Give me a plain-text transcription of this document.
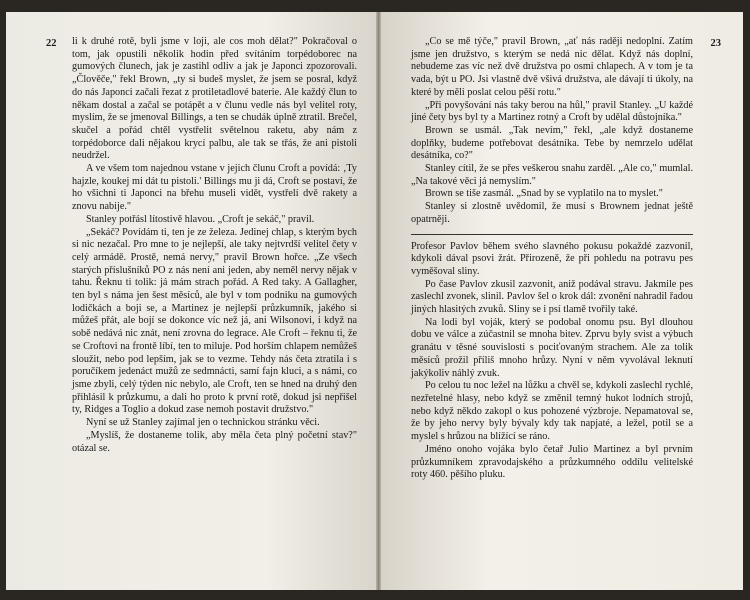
22 li k druhé rotě, byli jsme v loji, ale cos moh dělat?" Pokračoval o tom, jak opustili několik hodin před svítáním torpédoborec na gumových člunech, jak je zastihl odliv a jak je Japonci zpozorovali. „Člověče," řekl Brown, „ty si budeš myslet, že jsem se posral, když do nás Japonci začali řezat z protiletadlové baterie. Ale každý člun to někam dostal a začal se potápět a v člunu vedle nás byl velitel roty, myslím, že se jmenoval Billings, a ten se chudák úplně ztratil. Brečel, skučel a pořád chtěl vystřelit světelnou raketu, aby nám z torpédoborce dali nějakou krycí palbu, ale tak se třás, že ani pistoli neudržel.

A ve všem tom najednou vstane v jejich člunu Croft a povídá: ‚Ty hajzle, koukej mi dát tu pistoli.' Billings mu ji dá, Croft se postaví, že ho všichni ti Japonci na břehu museli vidět, vystřelí dvě rakety a znovu nabije."

Stanley potřásl lítostivě hlavou. „Croft je sekáč," pravil.

„Sekáč? Povídám ti, ten je ze železa. Jedinej chlap, s kterým bych si nic nezačal. Pro mne to je nejlepší, ale taky nejtvrdší velitel čety v celý armádě. Prostě, nemá nervy," pravil Brown hořce. „Ze všech starých příslušníků PO z nás není ani jeden, aby neměl nervy nějak v tahu. Řeknu ti tolik: já mám strach pořád. A Red taky. A Gallagher, ten byl s náma jen šest měsíců, ale byl v tom podniku na gumových lodičkách a boji se, a Martinez je nejlepší průzkumník, jakého si můžeš přát, ale bojí se dokonce víc než já, ani Wilsonovi, i když na sobě nedává nic znát, není zrovna do legrace. Ale Croft – řeknu ti, že se Croftovi na frontě líbí, ten to miluje. Pod horším chlapem nemůžeš sloužit, nebo pod lepším, jak se to vezme. Tehdy nás četa ztratila i s poručíkem jedenáct mužů ze sedmnácti, samí fajn kluci, a s námi, co jsme zbyli, celý týden nic nebylo, ale Croft, ten se hned na druhý den přihlásil k průzkumu, a dali ho proto k první rotě, dokud jsi nepřišel ty, Ridges a Toglio a dokud zase nemoh postavit družstvo."

Nyní se už Stanley zajímal jen o technickou stránku věci.

„Myslíš, že dostaneme tolik, aby měla četa plný početní stav?" otázal se.

23

„Co se mě týče," pravil Brown, „ať nás raději nedoplní. Zatím jsme jen družstvo, s kterým se nedá nic dělat. Když nás doplní, nebudeme zas víc než dvě družstva po osmi chlapech. A v tom je ta vada, být u PO. Jsi vlastně dvě všivá družstva, ale dávají ti úkoly, na které by měli poslat celou pěší rotu."

„Při povyšování nás taky berou na hůl," pravil Stanley. „U každé jiné čety bys byl ty a Martinez rotný a Croft by udělal důstojníka."

Brown se usmál. „Tak nevím," řekl, „ale když dostaneme doplňky, budeme potřebovat desátníka. Tebe by nemrzelo udělat desátníka, co?"

Stanley cítil, že se přes veškerou snahu zarděl. „Ale co," mumlal. „Na takové věci já nemyslím."

Brown se tiše zasmál. „Snad by se vyplatilo na to myslet."

Stanley si zlostně uvědomil, že musí s Brownem jednat ještě opatrněji.

Profesor Pavlov během svého slavného pokusu pokaždé zazvonil, kdykoli dával psovi žrát. Přirozeně, že při pohledu na potravu pes vyměšoval sliny.

Po čase Pavlov zkusil zazvonit, aniž podával stravu. Jakmile pes zaslechl zvonek, slinil. Pavlov šel o krok dál: zvonění nahradil řadou jiných hlasitých zvuků. Sliny se i psí tlamě tvořily také.

Na lodi byl voják, který se podobal onomu psu. Byl dlouhou dobu ve válce a zúčastnil se mnoha bitev. Zprvu byly svist a výbuch granátu v těsné souvislosti s pociťovaným strachem. Ale za tolik měsíců prožil příliš mnoho hrůzy. Nyní v něm vyvolával leknutí jakýkoliv náhlý zvuk.

Po celou tu noc ležel na lůžku a chvěl se, kdykoli zaslechl rychlé, nezřetelné hlasy, nebo když se změnil temný hukot lodních strojů, nebo když někdo zakopl o kus pohozené výzbroje. Nepamatoval se, že by jeho nervy byly bývaly kdy tak napjaté, a ležel, potil se a myslel s hrůzou na blížící se ráno.

Jméno onoho vojáka bylo četař Julio Martinez a byl prvním průzkumníkem zpravodajského a průzkumného oddílu velitelské roty 460. pěšího pluku.
